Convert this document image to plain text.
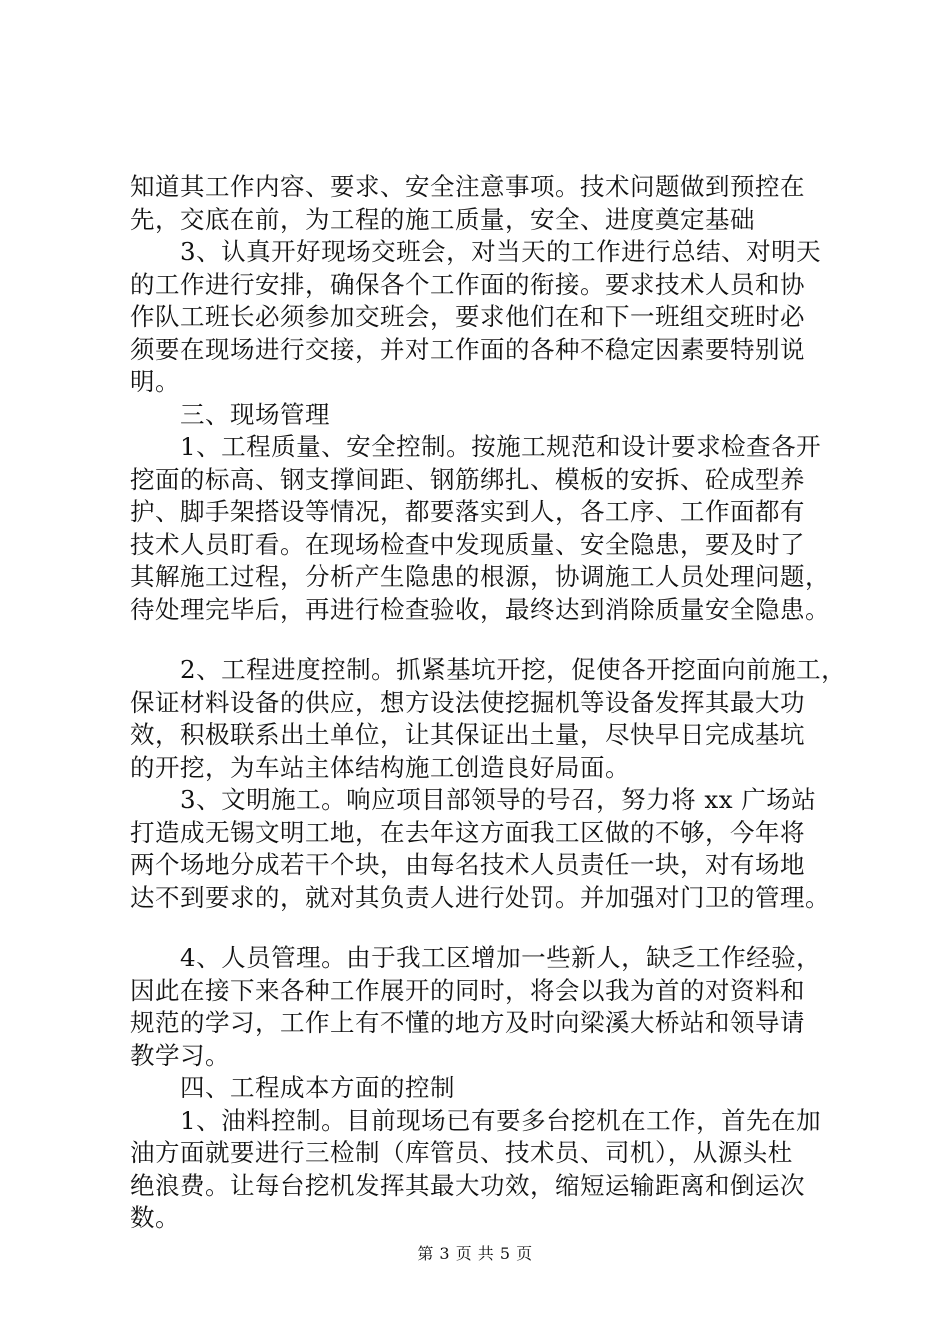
知道其工作内容、要求、安全注意事项。技术问题做到预控在
先，交底在前，为工程的施工质量，安全、进度奠定基础
3、认真开好现场交班会，对当天的工作进行总结、对明天
的工作进行安排，确保各个工作面的衔接。要求技术人员和协
作队工班长必须参加交班会，要求他们在和下一班组交班时必
须要在现场进行交接，并对工作面的各种不稳定因素要特别说
明。
三、现场管理
1、工程质量、安全控制。按施工规范和设计要求检查各开
挖面的标高、钢支撑间距、钢筋绑扎、模板的安拆、砼成型养
护、脚手架搭设等情况，都要落实到人，各工序、工作面都有
技术人员盯看。在现场检查中发现质量、安全隐患，要及时了
其解施工过程，分析产生隐患的根源，协调施工人员处理问题，
待处理完毕后，再进行检查验收，最终达到消除质量安全隐患。
2、工程进度控制。抓紧基坑开挖，促使各开挖面向前施工，
保证材料设备的供应，想方设法使挖掘机等设备发挥其最大功
效，积极联系出土单位，让其保证出土量，尽快早日完成基坑
的开挖，为车站主体结构施工创造良好局面。
3、文明施工。响应项目部领导的号召，努力将 xx 广场站
打造成无锡文明工地，在去年这方面我工区做的不够，今年将
两个场地分成若干个块，由每名技术人员责任一块，对有场地
达不到要求的，就对其负责人进行处罚。并加强对门卫的管理。
4、人员管理。由于我工区增加一些新人，缺乏工作经验，
因此在接下来各种工作展开的同时，将会以我为首的对资料和
规范的学习，工作上有不懂的地方及时向梁溪大桥站和领导请
教学习。
四、工程成本方面的控制
1、油料控制。目前现场已有要多台挖机在工作，首先在加
油方面就要进行三检制（库管员、技术员、司机），从源头杜
绝浪费。让每台挖机发挥其最大功效，缩短运输距离和倒运次
数。
第 3 页 共 5 页
